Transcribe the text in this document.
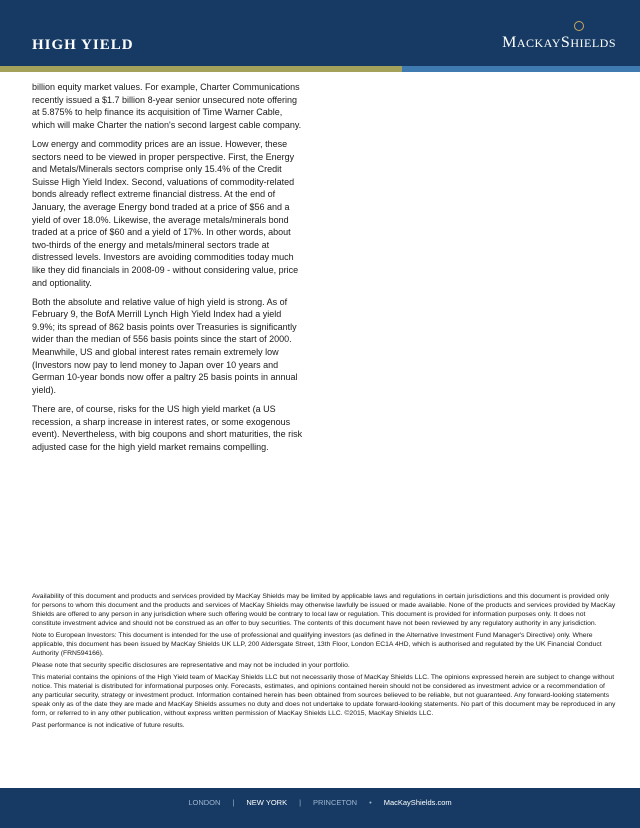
HIGH YIELD	MACKAYSHIELDS

billion equity market values. For example, Charter Communications recently issued a $1.7 billion 8-year senior unsecured note offering at 5.875% to help finance its acquisition of Time Warner Cable, which will make Charter the nation's second largest cable company.

Low energy and commodity prices are an issue. However, these sectors need to be viewed in proper perspective. First, the Energy and Metals/Minerals sectors comprise only 15.4% of the Credit Suisse High Yield Index. Second, valuations of commodity-related bonds already reflect extreme financial distress. At the end of January, the average Energy bond traded at a price of $56 and a yield of over 18.0%. Likewise, the average metals/minerals bond traded at a price of $60 and a yield of 17%. In other words, about two-thirds of the energy and metals/mineral sectors trade at distressed levels. Investors are avoiding commodities today much like they did financials in 2008-09 - without considering value, price and optionality.

Both the absolute and relative value of high yield is strong. As of February 9, the BofA Merrill Lynch High Yield Index had a yield 9.9%; its spread of 862 basis points over Treasuries is significantly wider than the median of 556 basis points since the start of 2000. Meanwhile, US and global interest rates remain extremely low (Investors now pay to lend money to Japan over 10 years and German 10-year bonds now offer a paltry 25 basis points in annual yield).

There are, of course, risks for the US high yield market (a US recession, a sharp increase in interest rates, or some exogenous event). Nevertheless, with big coupons and short maturities, the risk adjusted case for the high yield market remains compelling.

Availability of this document and products and services provided by MacKay Shields may be limited by applicable laws and regulations in certain jurisdictions and this document is provided only for persons to whom this document and the products and services of MacKay Shields may otherwise lawfully be issued or made available. None of the products and services provided by MacKay Shields are offered to any person in any jurisdiction where such offering would be contrary to local law or regulation. This document is provided for information purposes only. It does not constitute investment advice and should not be construed as an offer to buy securities. The contents of this document have not been reviewed by any regulatory authority in any jurisdiction.

Note to European Investors: This document is intended for the use of professional and qualifying investors (as defined in the Alternative Investment Fund Manager's Directive) only. Where applicable, this document has been issued by MacKay Shields UK LLP, 200 Aldersgate Street, 13th Floor, London EC1A 4HD, which is authorised and regulated by the UK Financial Conduct Authority (FRN594166).

Please note that security specific disclosures are representative and may not be included in your portfolio.

This material contains the opinions of the High Yield team of MacKay Shields LLC but not necessarily those of MacKay Shields LLC. The opinions expressed herein are subject to change without notice. This material is distributed for informational purposes only. Forecasts, estimates, and opinions contained herein should not be considered as investment advice or a recommendation of any particular security, strategy or investment product. Information contained herein has been obtained from sources believed to be reliable, but not guaranteed. Any forward-looking statements speak only as of the date they are made and MacKay Shields assumes no duty and does not undertake to update forward-looking statements. No part of this document may be reproduced in any form, or referred to in any other publication, without express written permission of MacKay Shields LLC. ©2015, MacKay Shields LLC.

Past performance is not indicative of future results.

LONDON | NEW YORK | PRINCETON • MacKayShields.com
